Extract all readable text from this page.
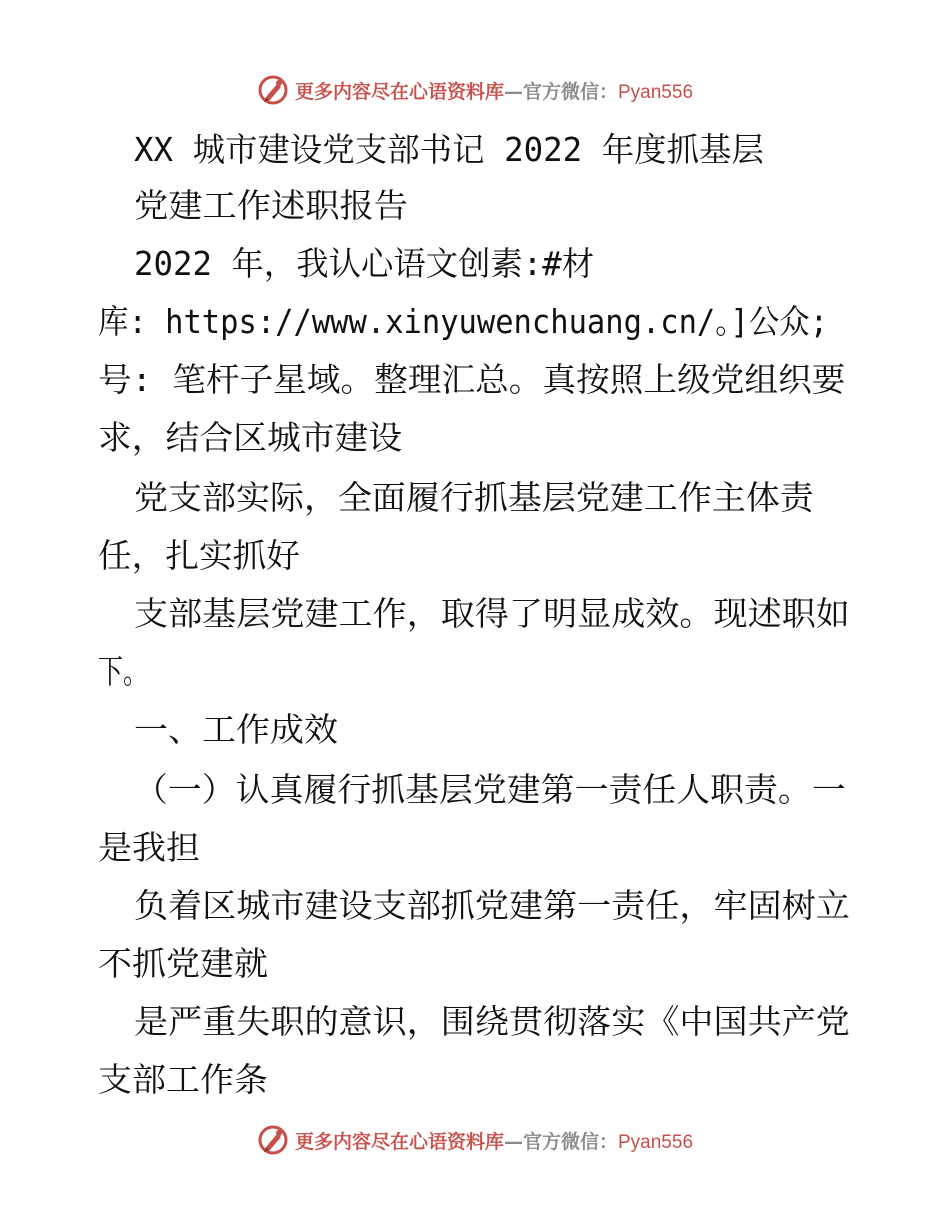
更多内容尽在心语资料库—官方微信：Pyan556
XX 城市建设党支部书记 2022 年度抓基层
党建工作述职报告
2022 年，我认心语文创素:#材
库: https://www.xinyuwenchuang.cn/。]公众;
号: 笔杆子星域。整理汇总。真按照上级党组织要
求，结合区城市建设
党支部实际，全面履行抓基层党建工作主体责
任，扎实抓好
支部基层党建工作，取得了明显成效。现述职如
下。
一、工作成效
（一）认真履行抓基层党建第一责任人职责。一
是我担
负着区城市建设支部抓党建第一责任，牢固树立
不抓党建就
是严重失职的意识，围绕贯彻落实《中国共产党
支部工作条
更多内容尽在心语资料库—官方微信：Pyan556
